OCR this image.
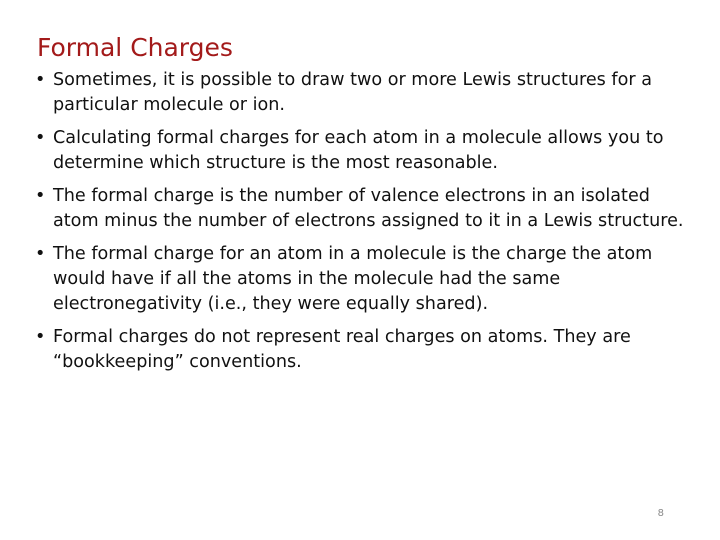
Formal Charges
• Sometimes, it is possible to draw two or more Lewis structures for a particular molecule or ion.
• Calculating formal charges for each atom in a molecule allows you to determine which structure is the most reasonable.
• The formal charge is the number of valence electrons in an isolated atom minus the number of electrons assigned to it in a Lewis structure.
• The formal charge for an atom in a molecule is the charge the atom would have if all the atoms in the molecule had the same electronegativity (i.e., they were equally shared).
• Formal charges do not represent real charges on atoms. They are “bookkeeping” conventions.
8
